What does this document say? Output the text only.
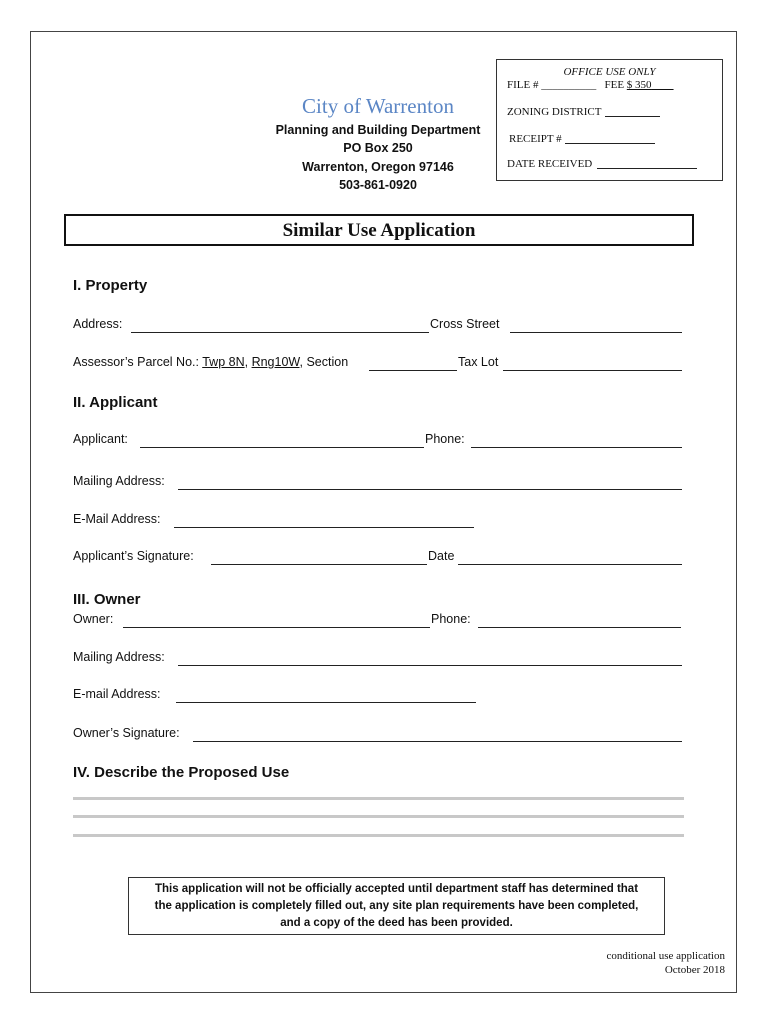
OFFICE USE ONLY
FILE # __________ FEE $ 350
ZONING DISTRICT
RECEIPT #
DATE RECEIVED
City of Warrenton
Planning and Building Department
PO Box 250
Warrenton, Oregon 97146
503-861-0920
Similar Use Application
I. Property
Address:	Cross Street
Assessor’s Parcel No.: Twp 8N, Rng10W, Section	Tax Lot
II. Applicant
Applicant:	Phone:
Mailing Address:
E-Mail Address:
Applicant’s Signature:	Date
III. Owner
Owner:	Phone:
Mailing Address:
E-mail Address:
Owner’s Signature:
IV. Describe the Proposed Use
This application will not be officially accepted until department staff has determined that
the application is completely filled out, any site plan requirements have been completed,
and a copy of the deed has been provided.
conditional use application
October 2018
